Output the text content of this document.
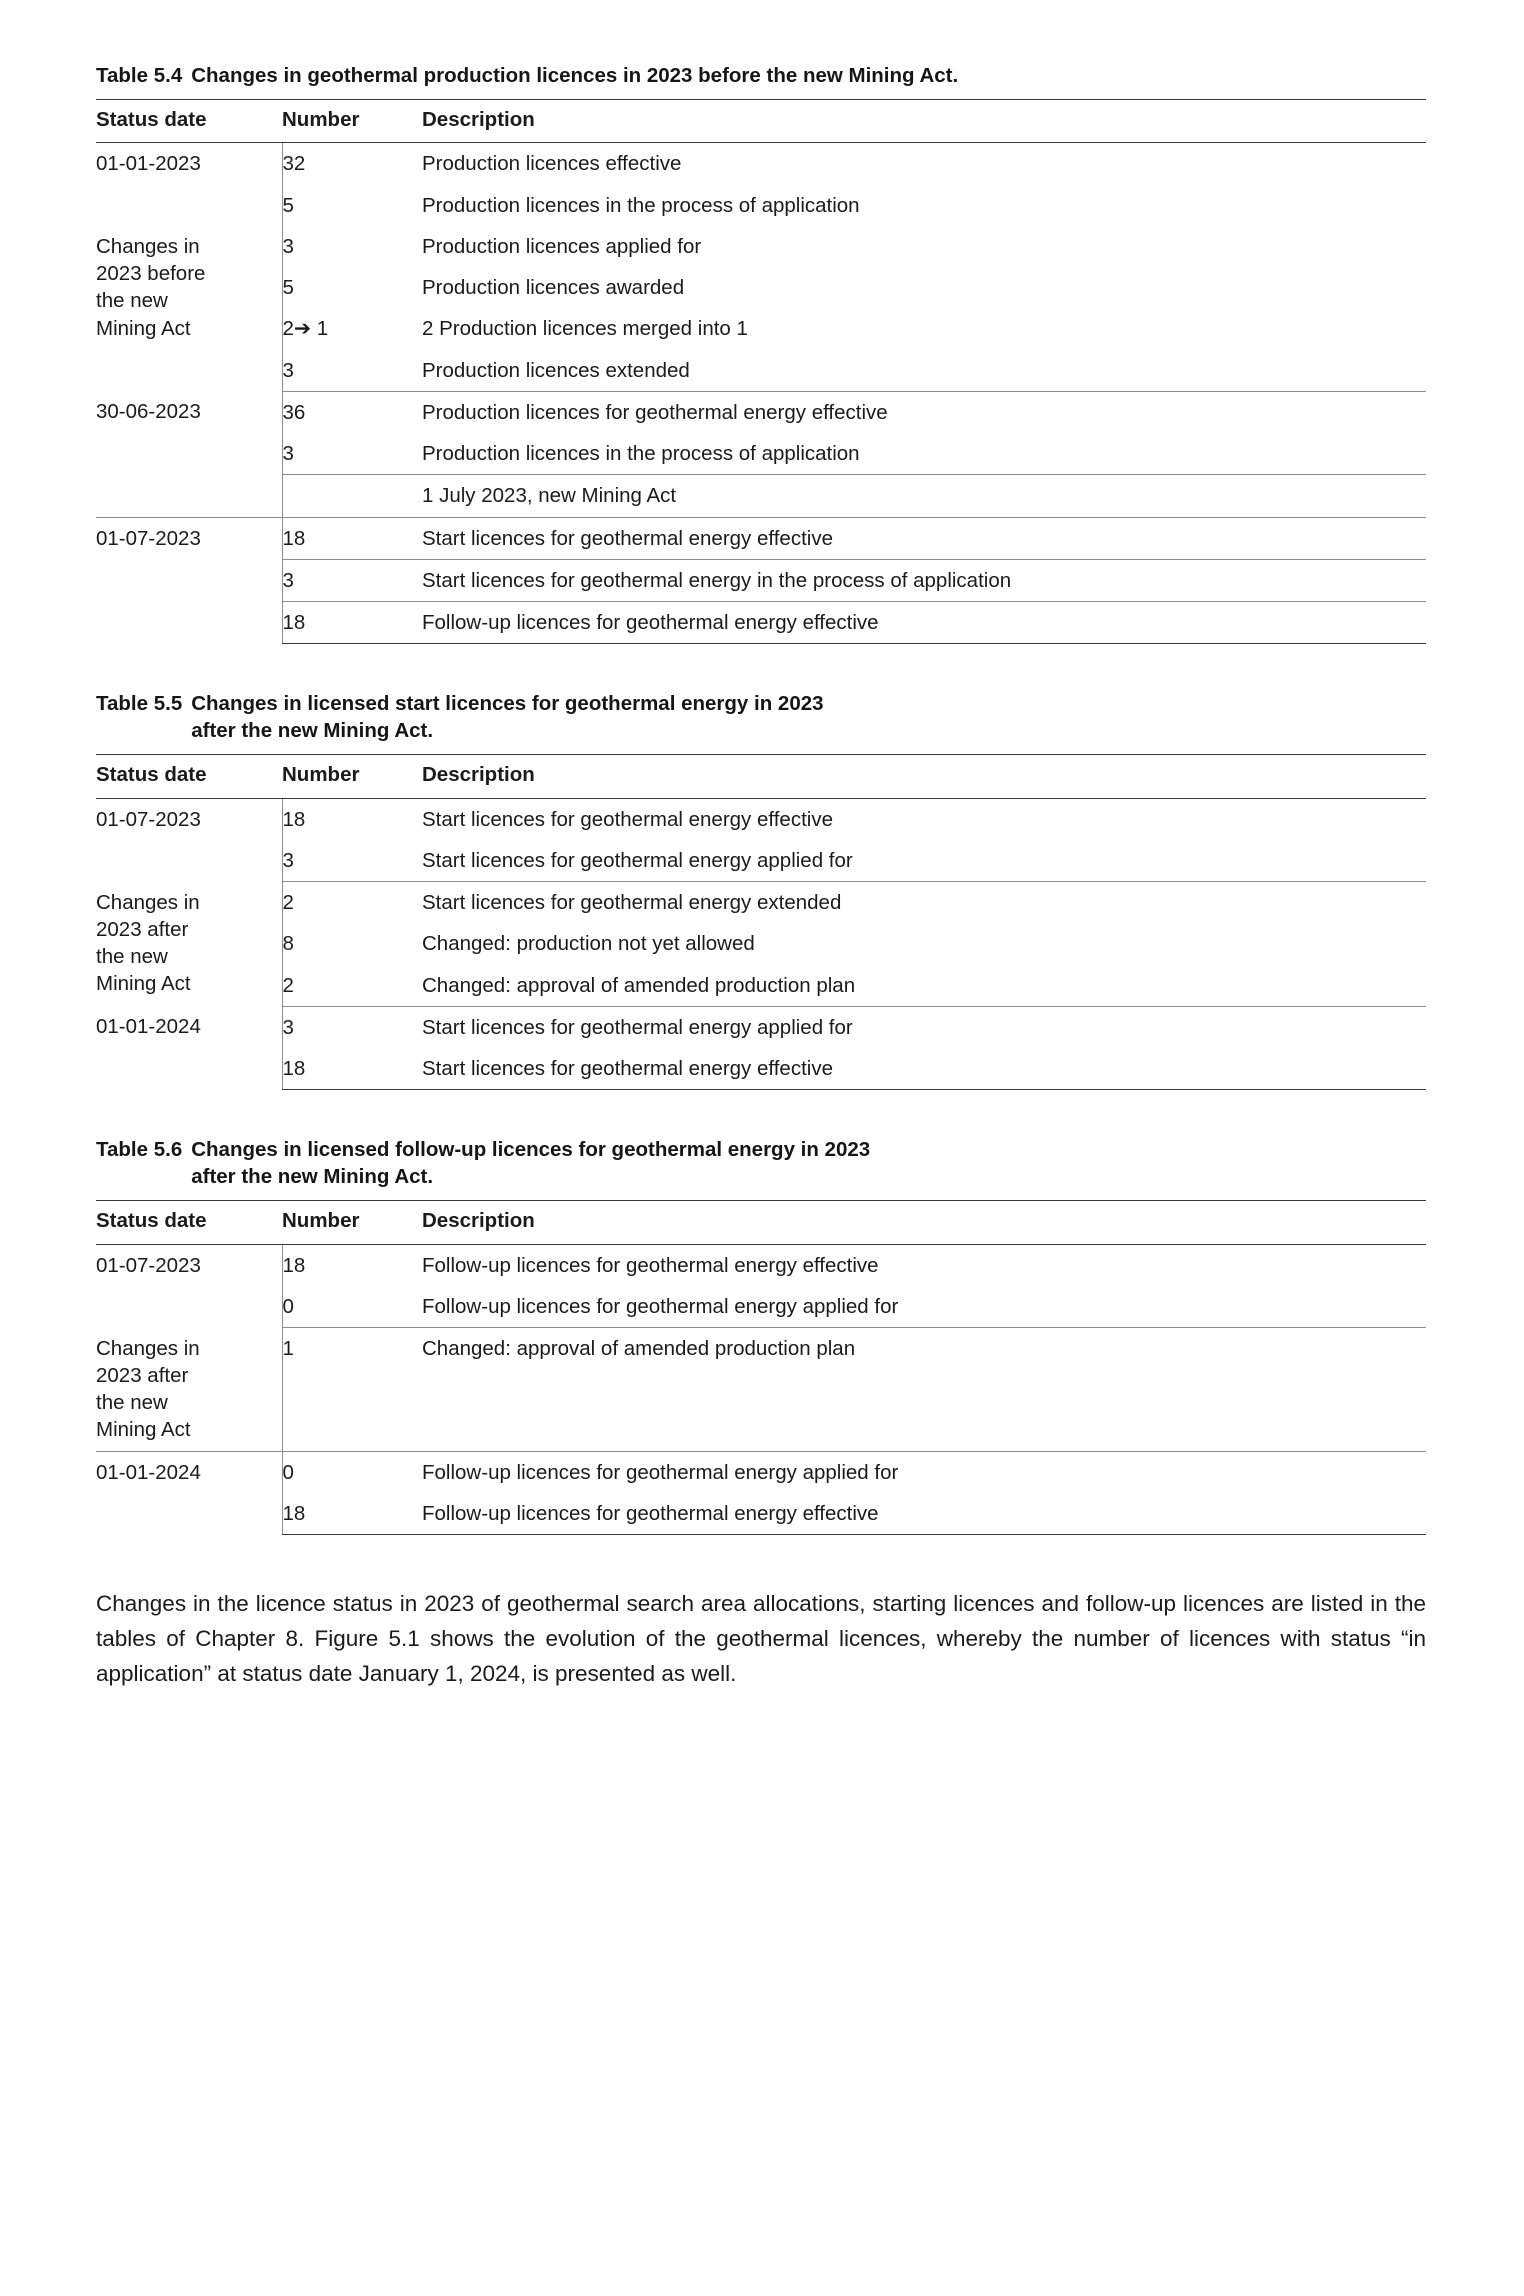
Table 5.4 Changes in geothermal production licences in 2023 before the new Mining Act.
Status date	Number	Description
01-01-2023	32	Production licences effective
	5	Production licences in the process of application
Changes in
2023 before
the new
Mining Act	3	Production licences applied for
	5	Production licences awarded
	2➔ 1	2 Production licences merged into 1
	3	Production licences extended
30-06-2023	36	Production licences for geothermal energy effective
	3	Production licences in the process of application
		1 July 2023, new Mining Act
01-07-2023	18	Start licences for geothermal energy effective
	3	Start licences for geothermal energy in the process of application
	18	Follow-up licences for geothermal energy effective
Table 5.5 Changes in licensed start licences for geothermal energy in 2023
after the new Mining Act.
Status date	Number	Description
01-07-2023	18	Start licences for geothermal energy effective
	3	Start licences for geothermal energy applied for
Changes in
2023 after
the new
Mining Act	2	Start licences for geothermal energy extended
	8	Changed: production not yet allowed
	2	Changed: approval of amended production plan
01-01-2024	3	Start licences for geothermal energy applied for
	18	Start licences for geothermal energy effective
Table 5.6 Changes in licensed follow-up licences for geothermal energy in 2023
after the new Mining Act.
Status date	Number	Description
01-07-2023	18	Follow-up licences for geothermal energy effective
	0	Follow-up licences for geothermal energy applied for
Changes in
2023 after
the new
Mining Act	1	Changed: approval of amended production plan
01-01-2024	0	Follow-up licences for geothermal energy applied for
	18	Follow-up licences for geothermal energy effective

Changes in the licence status in 2023 of geothermal search area allocations, starting licences and follow-up licences are listed in the tables of Chapter 8. Figure 5.1 shows the evolution of the geothermal licences, whereby the number of licences with status “in application” at status date January 1, 2024, is presented as well.
